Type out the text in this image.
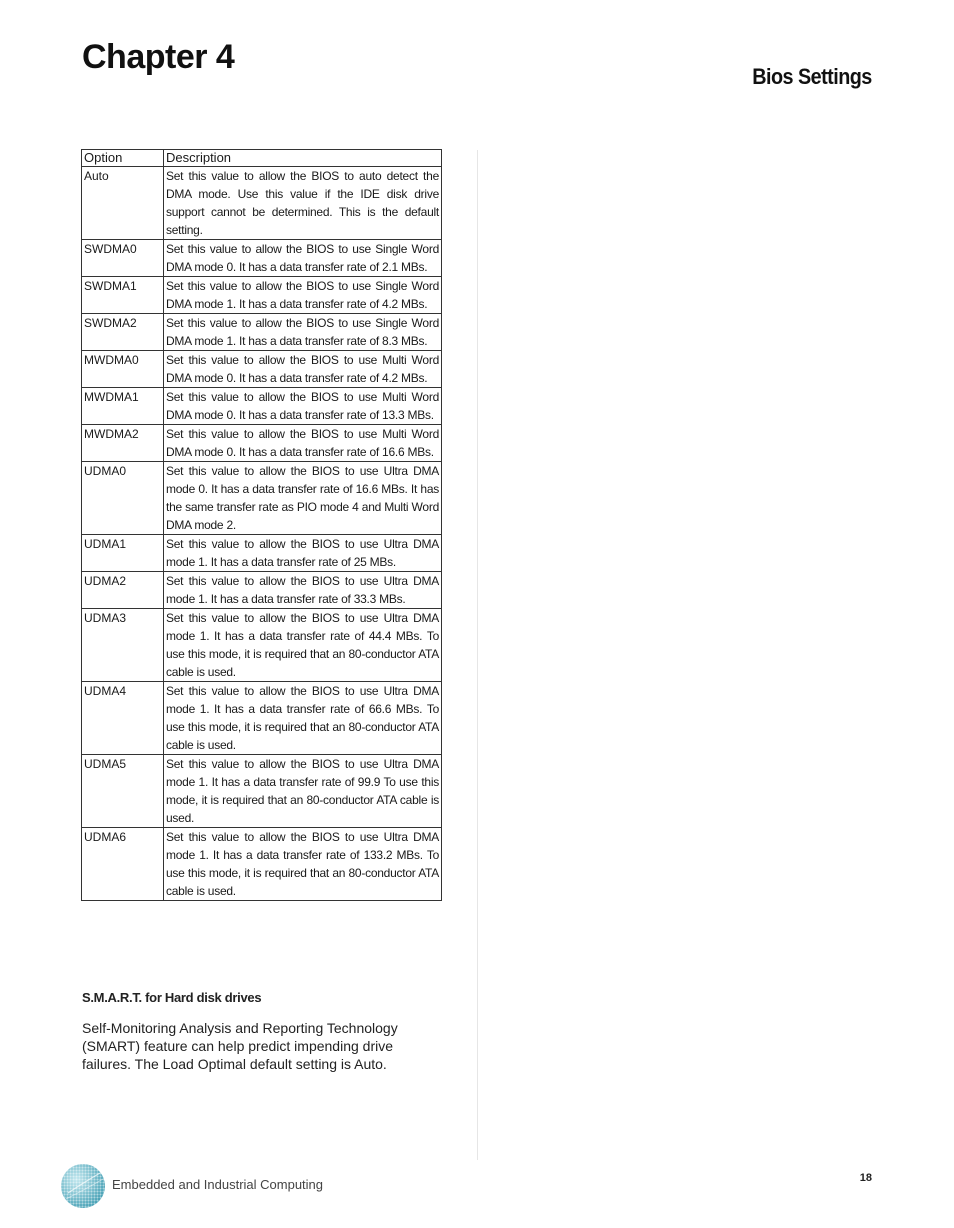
Chapter 4
Bios Settings
Option	Description
Auto	Set this value to allow the BIOS to auto detect the DMA mode. Use this value if the IDE disk drive support cannot be determined. This is the default setting.
SWDMA0	Set this value to allow the BIOS to use Single Word DMA mode 0. It has a data transfer rate of 2.1 MBs.
SWDMA1	Set this value to allow the BIOS to use Single Word DMA mode 1. It has a data transfer rate of 4.2 MBs.
SWDMA2	Set this value to allow the BIOS to use Single Word DMA mode 1. It has a data transfer rate of 8.3 MBs.
MWDMA0	Set this value to allow the BIOS to use Multi Word DMA mode 0. It has a data transfer rate of 4.2 MBs.
MWDMA1	Set this value to allow the BIOS to use Multi Word DMA mode 0. It has a data transfer rate of 13.3 MBs.
MWDMA2	Set this value to allow the BIOS to use Multi Word DMA mode 0. It has a data transfer rate of 16.6 MBs.
UDMA0	Set this value to allow the BIOS to use Ultra DMA mode 0. It has a data transfer rate of 16.6 MBs. It has the same transfer rate as PIO mode 4 and Multi Word DMA mode 2.
UDMA1	Set this value to allow the BIOS to use Ultra DMA mode 1. It has a data transfer rate of 25 MBs.
UDMA2	Set this value to allow the BIOS to use Ultra DMA mode 1. It has a data transfer rate of 33.3 MBs.
UDMA3	Set this value to allow the BIOS to use Ultra DMA mode 1. It has a data transfer rate of 44.4 MBs. To use this mode, it is required that an 80-conductor ATA cable is used.
UDMA4	Set this value to allow the BIOS to use Ultra DMA mode 1. It has a data transfer rate of 66.6 MBs. To use this mode, it is required that an 80-conductor ATA cable is used.
UDMA5	Set this value to allow the BIOS to use Ultra DMA mode 1. It has a data transfer rate of 99.9 To use this mode, it is required that an 80-conductor ATA cable is used.
UDMA6	Set this value to allow the BIOS to use Ultra DMA mode 1. It has a data transfer rate of 133.2 MBs. To use this mode, it is required that an 80-conductor ATA cable is used.
S.M.A.R.T. for Hard disk drives

Self-Monitoring Analysis and Reporting Technology (SMART) feature can help predict impending drive failures. The Load Optimal default setting is Auto.

Embedded and Industrial Computing	18
